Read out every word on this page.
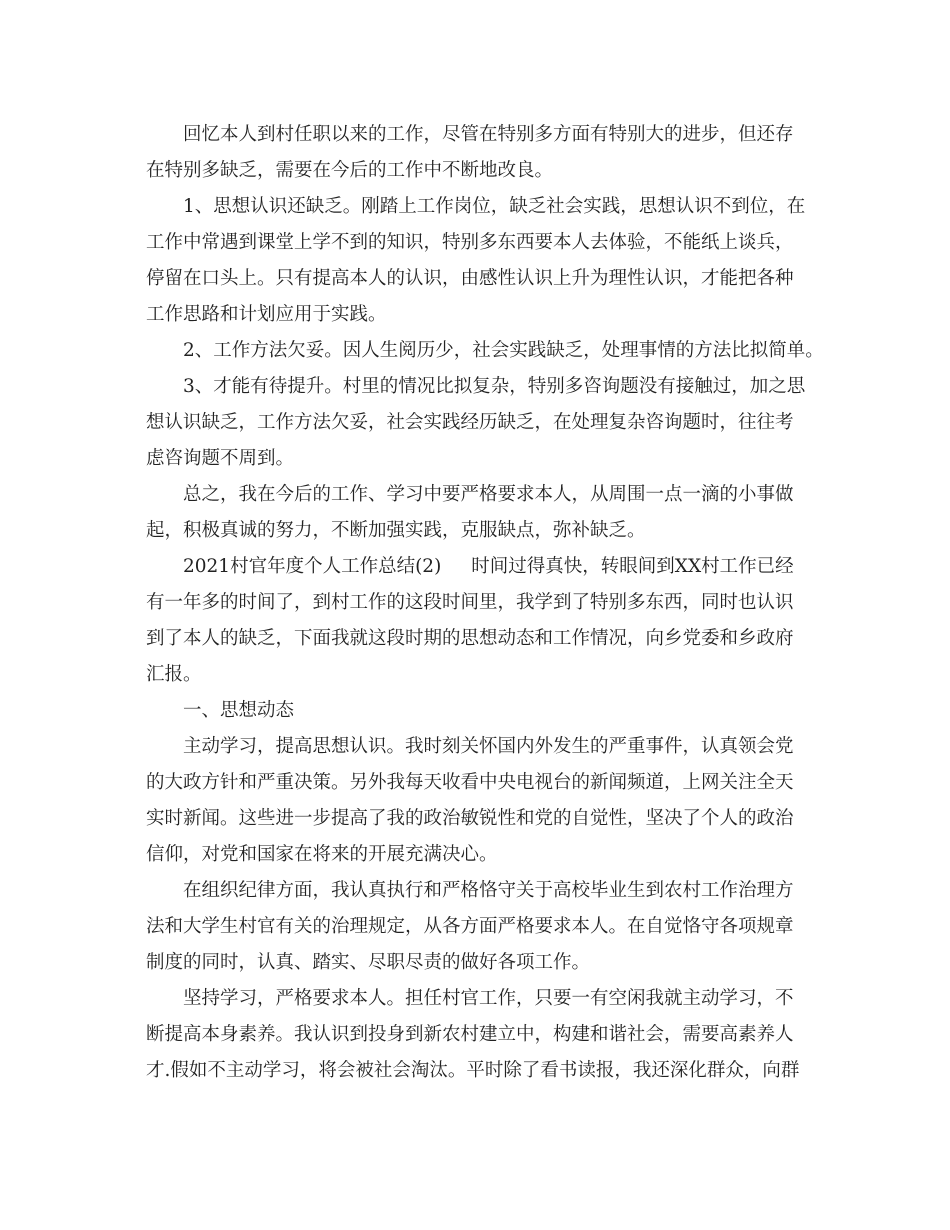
回忆本人到村任职以来的工作，尽管在特别多方面有特别大的进步，但还存
在特别多缺乏，需要在今后的工作中不断地改良。
1、思想认识还缺乏。刚踏上工作岗位，缺乏社会实践，思想认识不到位，在
工作中常遇到课堂上学不到的知识，特别多东西要本人去体验，不能纸上谈兵，
停留在口头上。只有提高本人的认识，由感性认识上升为理性认识，才能把各种
工作思路和计划应用于实践。
2、工作方法欠妥。因人生阅历少，社会实践缺乏，处理事情的方法比拟简单。
3、才能有待提升。村里的情况比拟复杂，特别多咨询题没有接触过，加之思
想认识缺乏，工作方法欠妥，社会实践经历缺乏，在处理复杂咨询题时，往往考
虑咨询题不周到。
总之，我在今后的工作、学习中要严格要求本人，从周围一点一滴的小事做
起，积极真诚的努力，不断加强实践，克服缺点，弥补缺乏。
2021村官年度个人工作总结(2) 时间过得真快，转眼间到XX村工作已经
有一年多的时间了，到村工作的这段时间里，我学到了特别多东西，同时也认识
到了本人的缺乏，下面我就这段时期的思想动态和工作情况，向乡党委和乡政府
汇报。
一、思想动态
主动学习，提高思想认识。我时刻关怀国内外发生的严重事件，认真领会党
的大政方针和严重决策。另外我每天收看中央电视台的新闻频道，上网关注全天
实时新闻。这些进一步提高了我的政治敏锐性和党的自觉性，坚决了个人的政治
信仰，对党和国家在将来的开展充满决心。
在组织纪律方面，我认真执行和严格恪守关于高校毕业生到农村工作治理方
法和大学生村官有关的治理规定，从各方面严格要求本人。在自觉恪守各项规章
制度的同时，认真、踏实、尽职尽责的做好各项工作。
坚持学习，严格要求本人。担任村官工作，只要一有空闲我就主动学习，不
断提高本身素养。我认识到投身到新农村建立中，构建和谐社会，需要高素养人
才.假如不主动学习，将会被社会淘汰。平时除了看书读报，我还深化群众，向群
